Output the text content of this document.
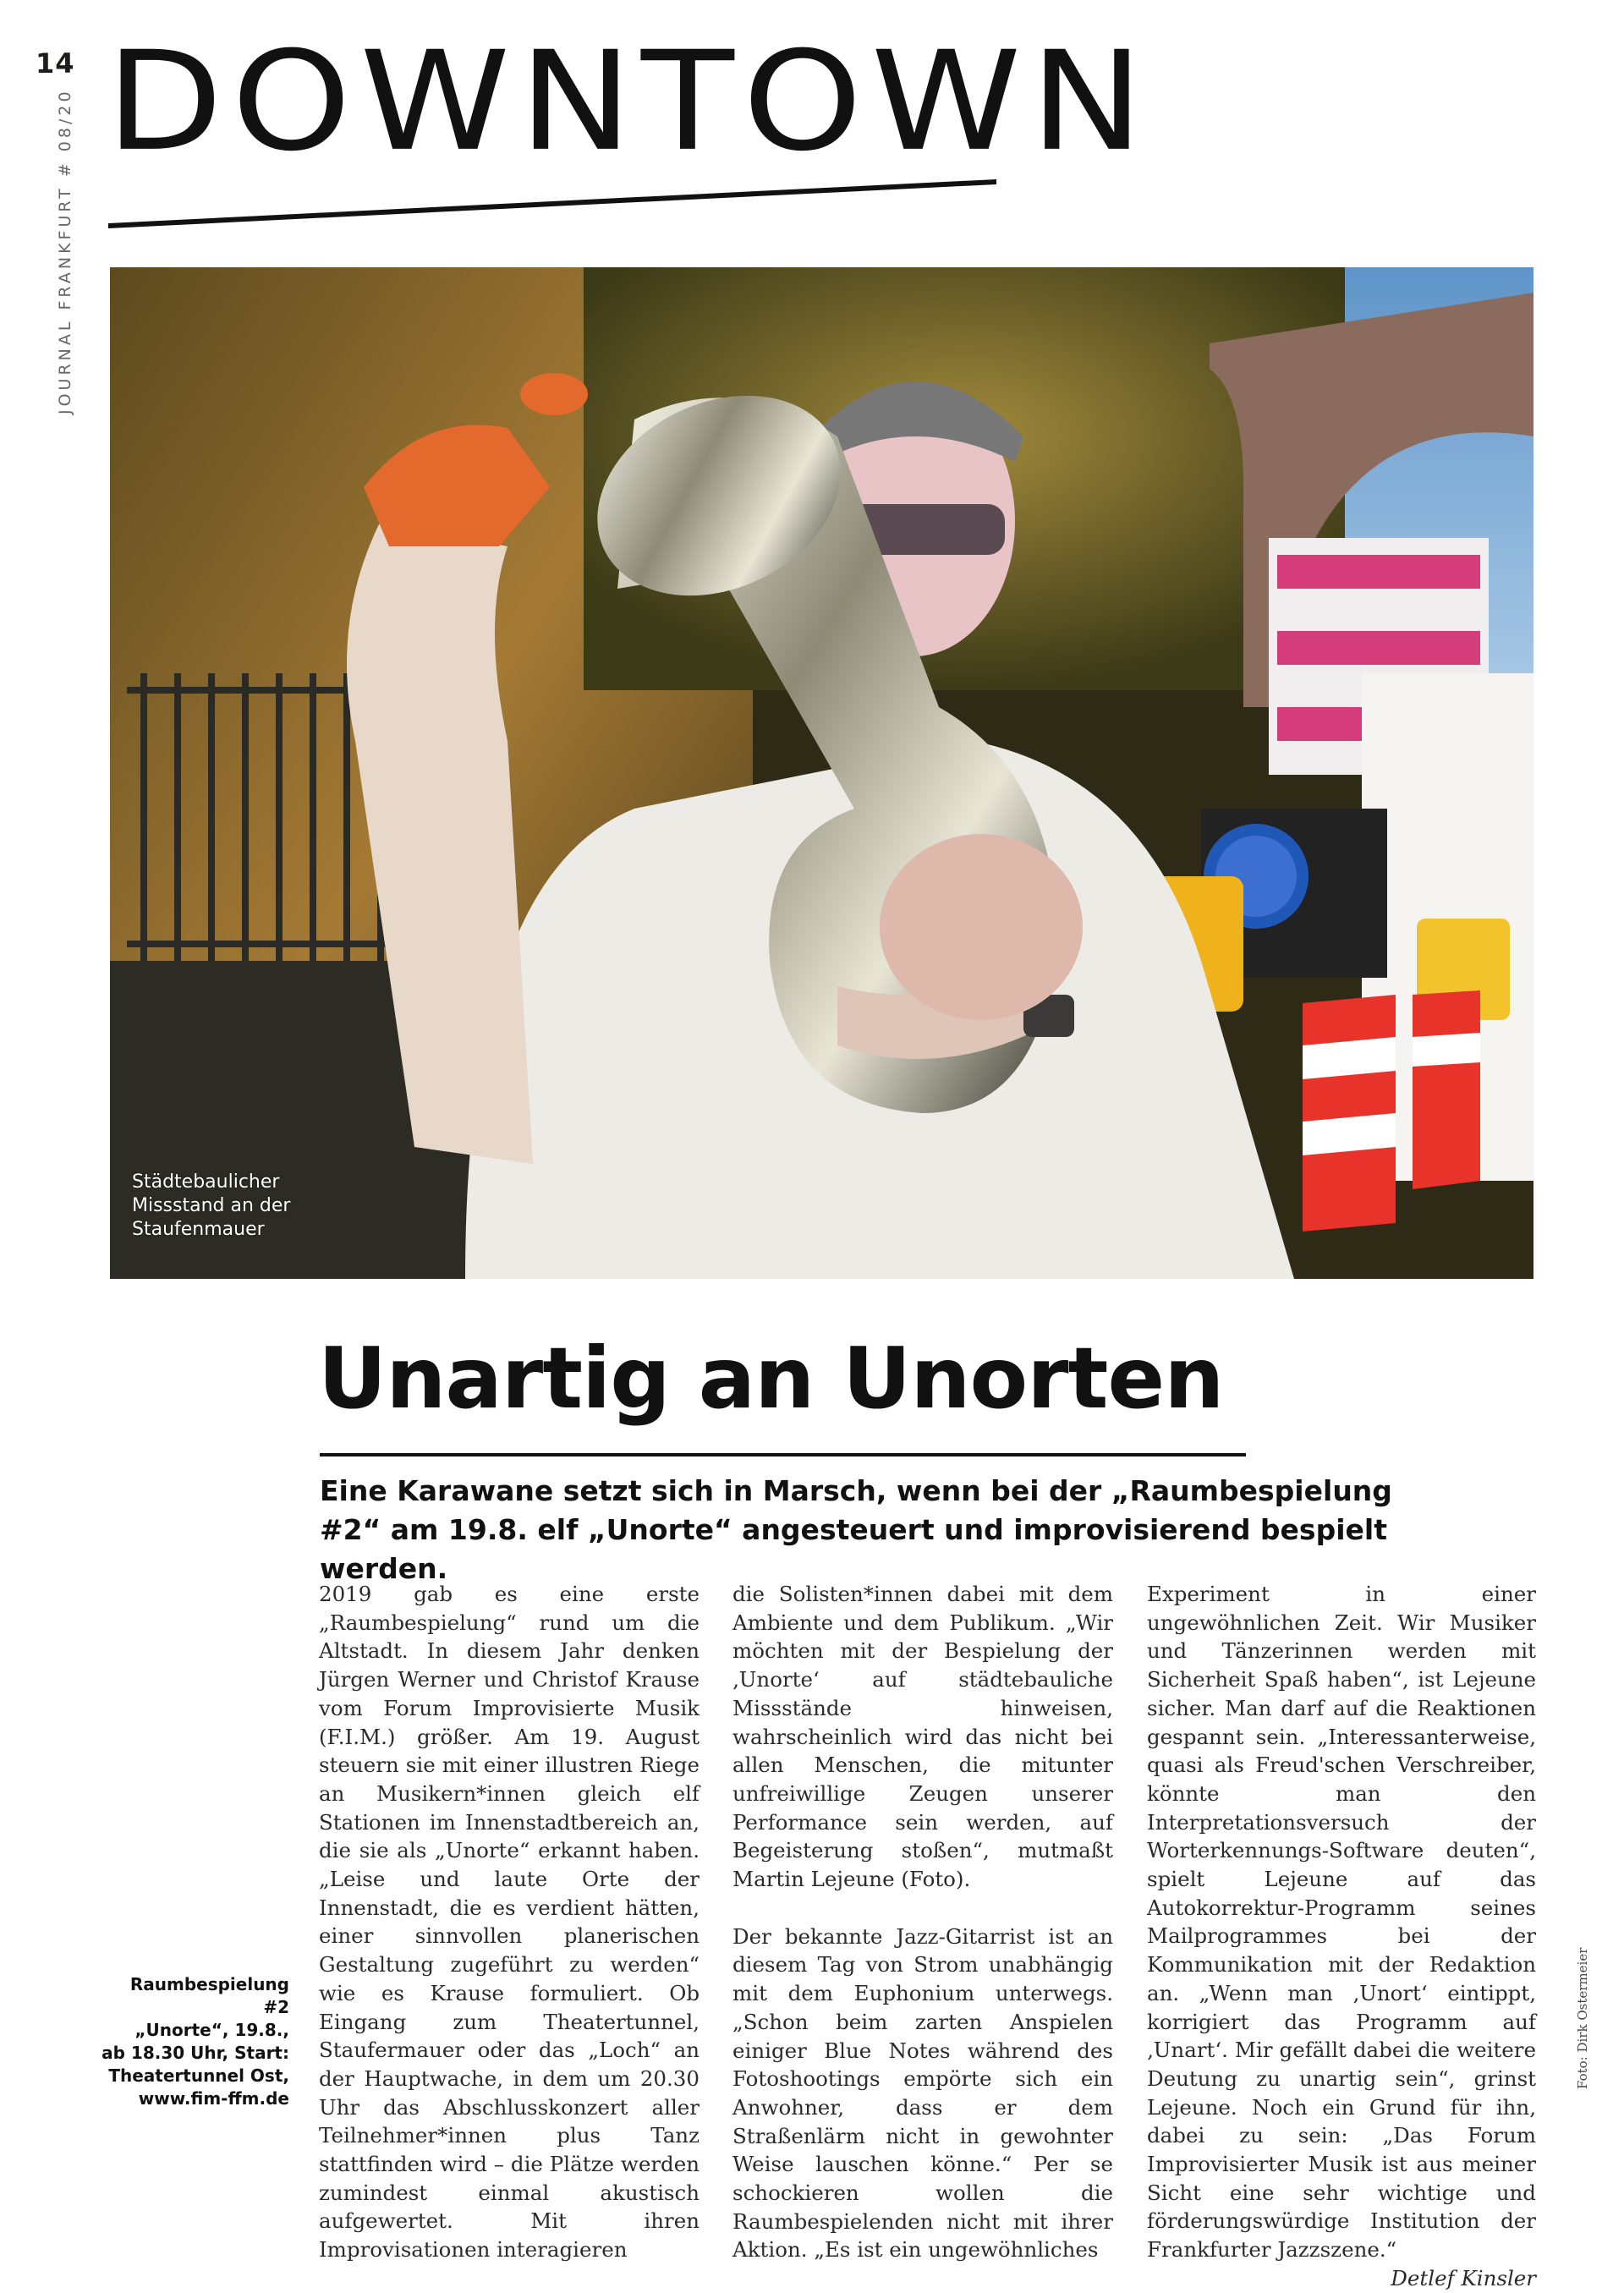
14
JOURNAL FRANKFURT # 08/20 DOWNTOWN
Städtebaulicher
Missstand an der
Staufenmauer
Unartig an Unorten
Eine Karawane setzt sich in Marsch, wenn bei der „Raumbespielung #2“ am 19.8. elf „Unorte“ angesteuert und improvisierend bespielt werden.

2019 gab es eine erste „Raumbespielung“ rund um die Altstadt. In diesem Jahr denken Jürgen Werner und Christof Krause vom Forum Improvisierte Musik (F.I.M.) größer. Am 19. August steuern sie mit einer illustren Riege an Musikern*innen gleich elf Stationen im Innenstadtbereich an, die sie als „Unorte“ erkannt haben. „Leise und laute Orte der Innenstadt, die es verdient hätten, einer sinnvollen planerischen Gestaltung zugeführt zu werden“ wie es Krause formuliert. Ob Eingang zum Theatertunnel, Staufermauer oder das „Loch“ an der Hauptwache, in dem um 20.30 Uhr das Abschlusskonzert aller Teilnehmer*innen plus Tanz stattfinden wird – die Plätze werden zumindest einmal akustisch aufgewertet. Mit ihren Improvisationen interagieren

die Solisten*innen dabei mit dem Ambiente und dem Publikum. „Wir möchten mit der Bespielung der ‚Unorte‘ auf städtebauliche Missstände hinweisen, wahrscheinlich wird das nicht bei allen Menschen, die mitunter unfreiwillige Zeugen unserer Performance sein werden, auf Begeisterung stoßen“, mutmaßt Martin Lejeune (Foto).

Der bekannte Jazz-Gitarrist ist an diesem Tag von Strom unabhängig mit dem Euphonium unterwegs. „Schon beim zarten Anspielen einiger Blue Notes während des Fotoshootings empörte sich ein Anwohner, dass er dem Straßenlärm nicht in gewohnter Weise lauschen könne.“ Per se schockieren wollen die Raumbespielenden nicht mit ihrer Aktion. „Es ist ein ungewöhnliches

Experiment in einer ungewöhnlichen Zeit. Wir Musiker und Tänzerinnen werden mit Sicherheit Spaß haben“, ist Lejeune sicher. Man darf auf die Reaktionen gespannt sein. „Interessanterweise, quasi als Freud'schen Verschreiber, könnte man den Interpretationsversuch der Worterkennungs-Software deuten“, spielt Lejeune auf das Autokorrektur-Programm seines Mailprogrammes bei der Kommunikation mit der Redaktion an. „Wenn man ‚Unort‘ eintippt, korrigiert das Programm auf ‚Unart‘. Mir gefällt dabei die weitere Deutung zu unartig sein“, grinst Lejeune. Noch ein Grund für ihn, dabei zu sein: „Das Forum Improvisierter Musik ist aus meiner Sicht eine sehr wichtige und förderungswürdige Institution der Frankfurter Jazzszene.“
Detlef Kinsler

Raumbespielung #2
„Unorte“, 19.8.,
ab 18.30 Uhr, Start:
Theatertunnel Ost,
www.fim-ffm.de
Foto: Dirk Ostermeier
